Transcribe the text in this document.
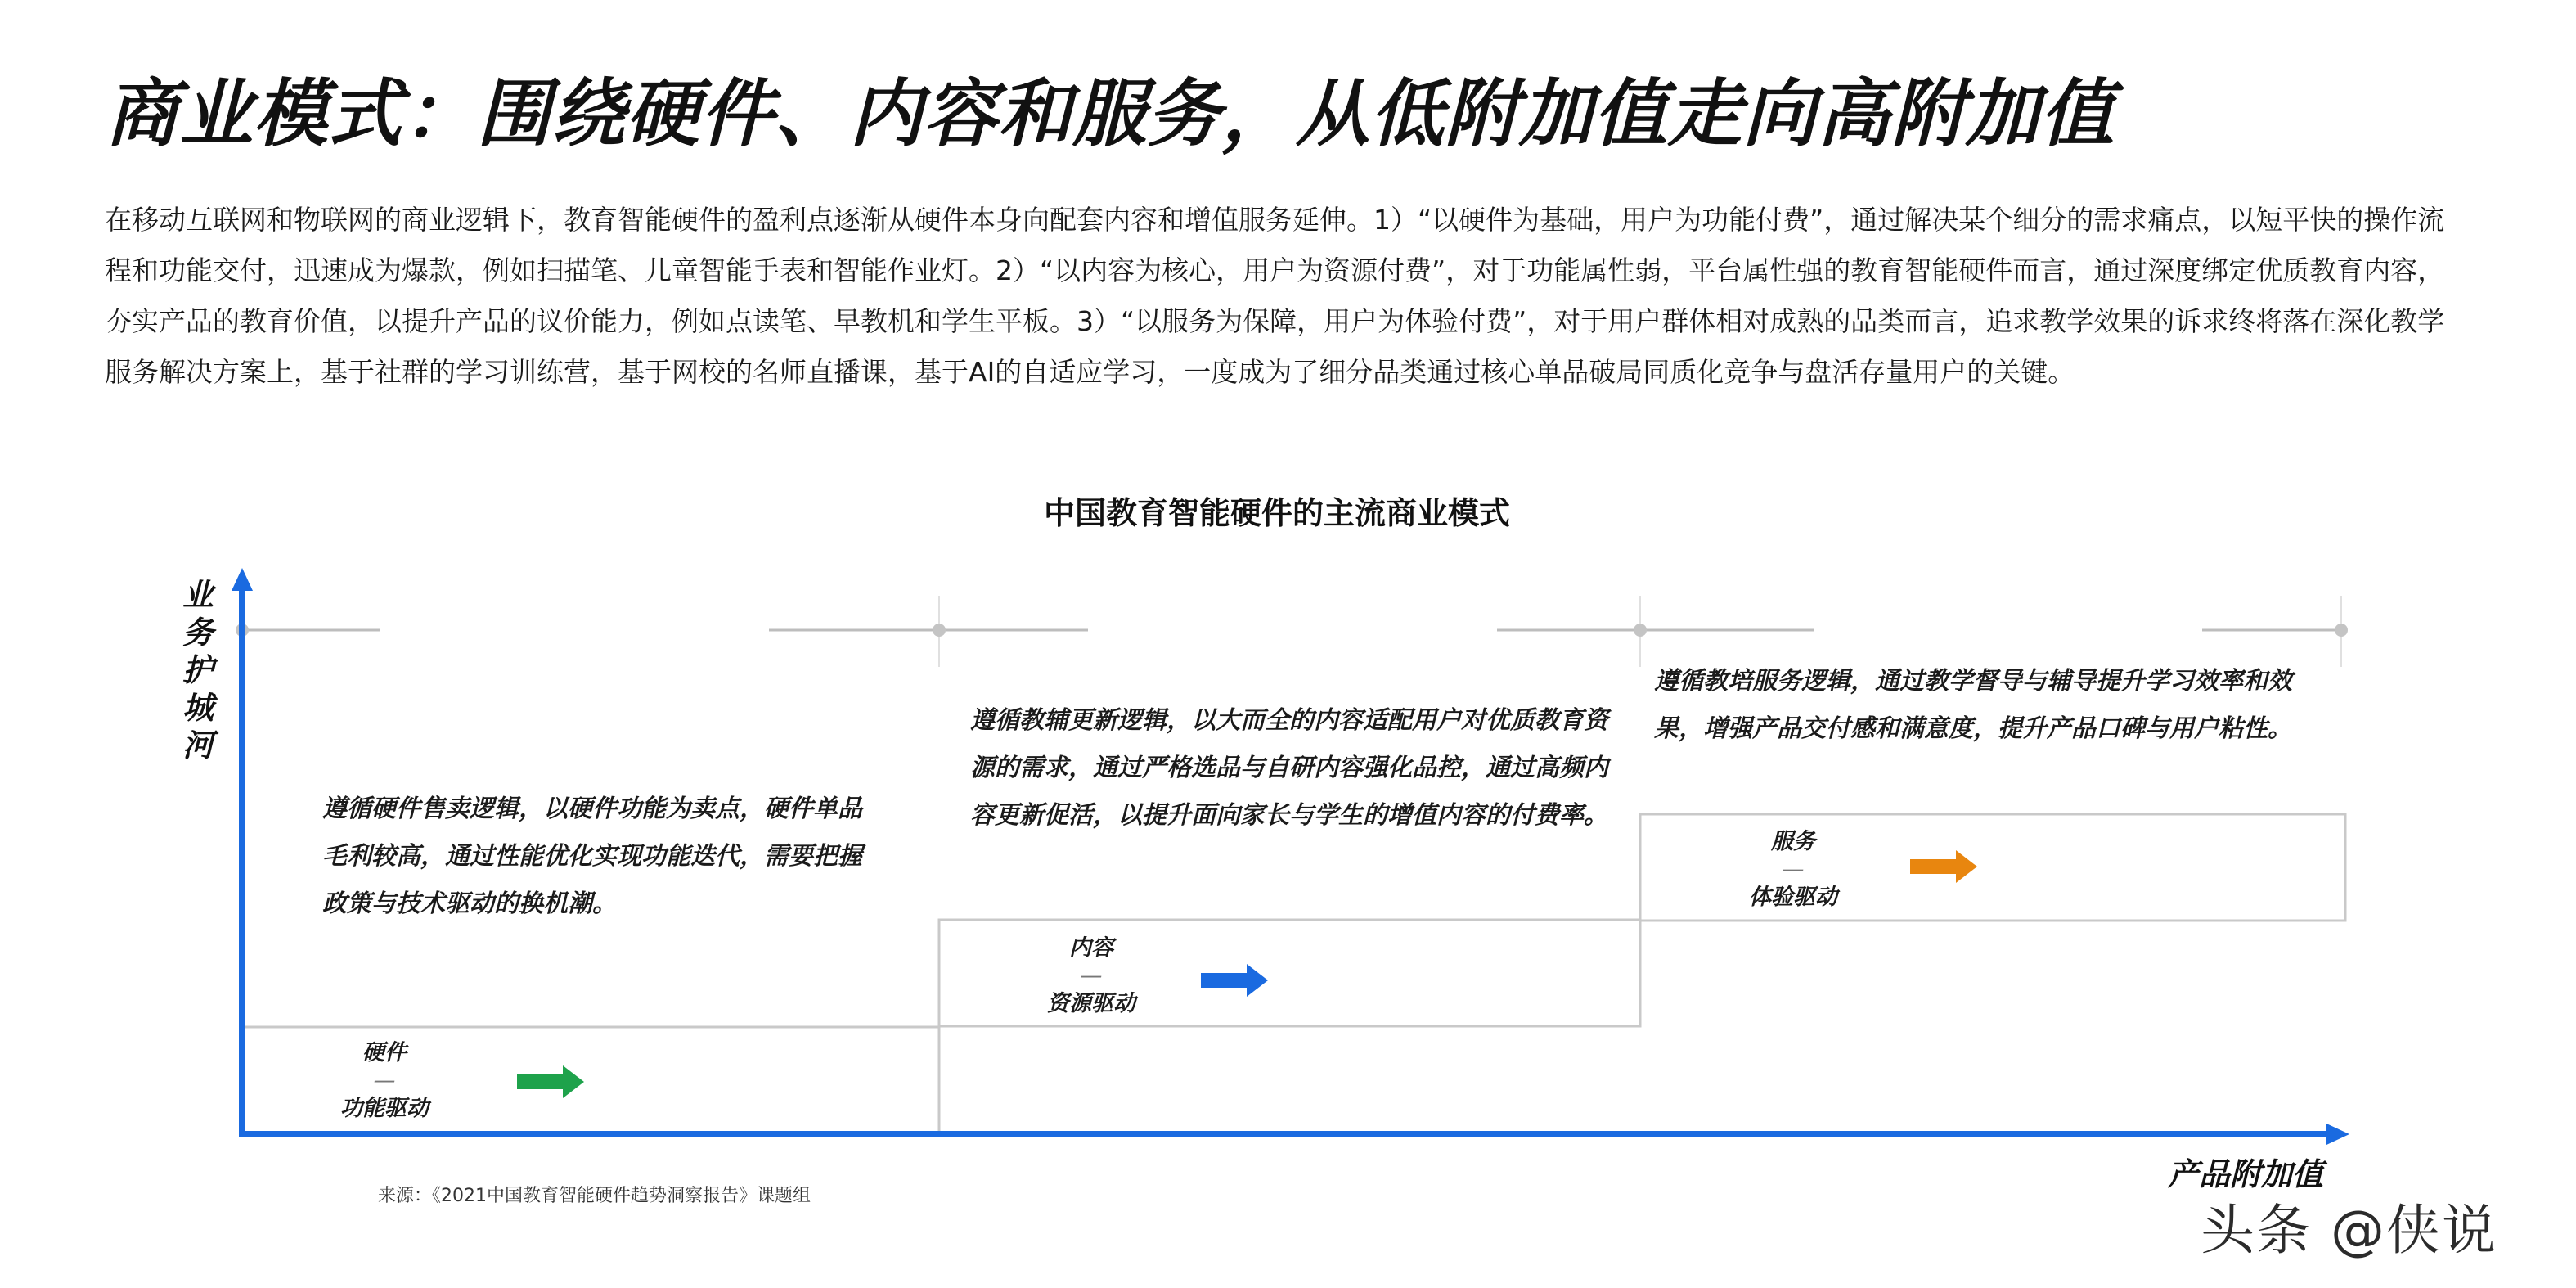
商业模式：围绕硬件、内容和服务，从低附加值走向高附加值
在移动互联网和物联网的商业逻辑下，教育智能硬件的盈利点逐渐从硬件本身向配套内容和增值服务延伸。1）“以硬件为基础，用户为功能付费”，通过解决某个细分的需求痛点，以短平快的操作流程和功能交付，迅速成为爆款，例如扫描笔、儿童智能手表和智能作业灯。2）“以内容为核心，用户为资源付费”，对于功能属性弱，平台属性强的教育智能硬件而言，通过深度绑定优质教育内容，夯实产品的教育价值，以提升产品的议价能力，例如点读笔、早教机和学生平板。3）“以服务为保障，用户为体验付费”，对于用户群体相对成熟的品类而言，追求教学效果的诉求终将落在深化教学服务解决方案上，基于社群的学习训练营，基于网校的名师直播课，基于AI的自适应学习，一度成为了细分品类通过核心单品破局同质化竞争与盘活存量用户的关键。
中国教育智能硬件的主流商业模式
业务护城河
产品附加值
遵循硬件售卖逻辑，以硬件功能为卖点，硬件单品毛利较高，通过性能优化实现功能迭代，需要把握政策与技术驱动的换机潮。
遵循教辅更新逻辑，以大而全的内容适配用户对优质教育资源的需求，通过严格选品与自研内容强化品控，通过高频内容更新促活，以提升面向家长与学生的增值内容的付费率。
遵循教培服务逻辑，通过教学督导与辅导提升学习效率和效果，增强产品交付感和满意度，提升产品口碑与用户粘性。
硬件
—
功能驱动
内容
—
资源驱动
服务
—
体验驱动
来源：《2021中国教育智能硬件趋势洞察报告》课题组
头条 @侠说
